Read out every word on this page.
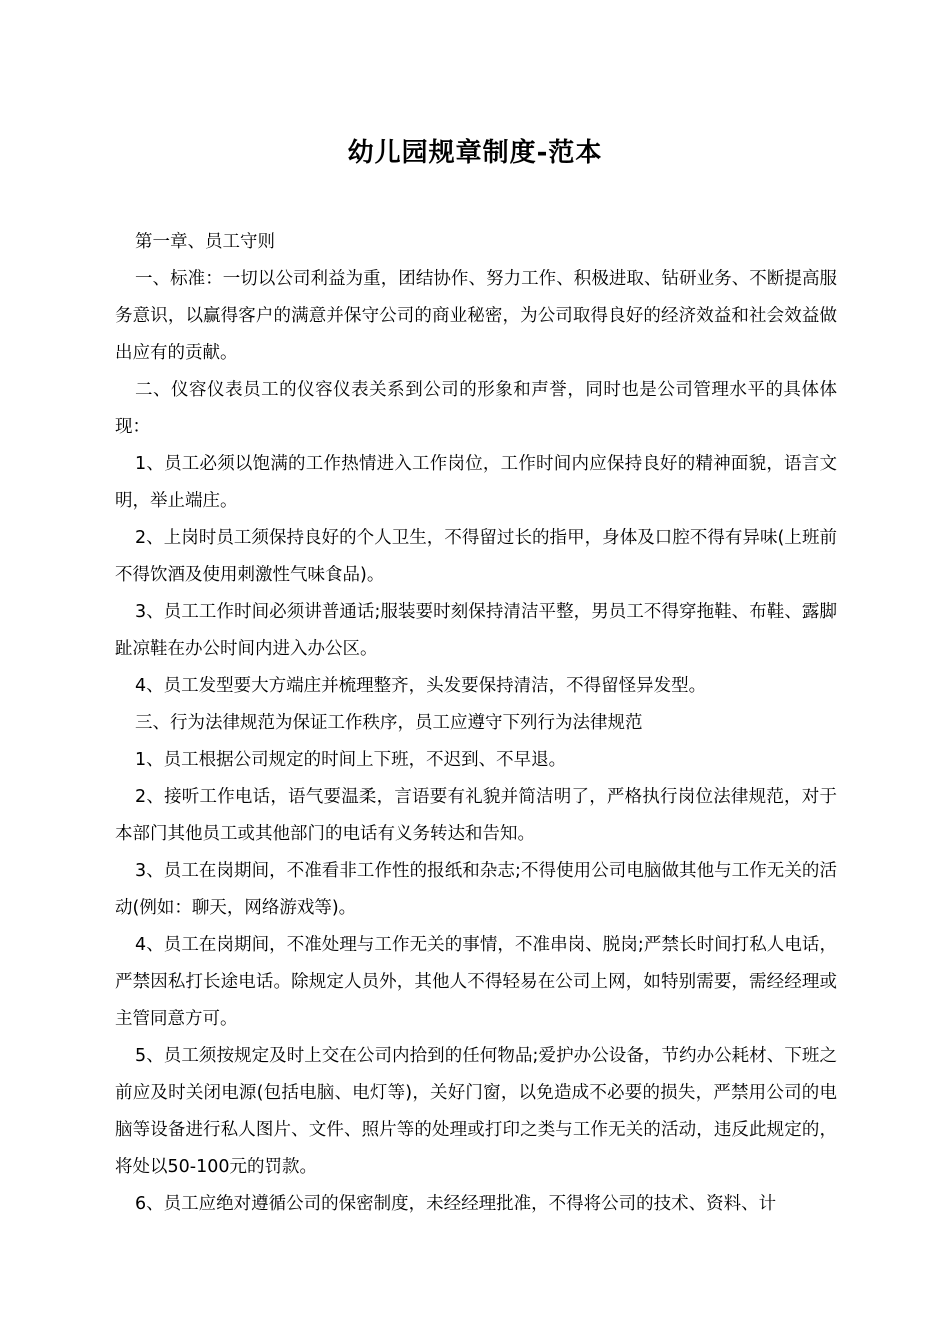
幼儿园规章制度-范本

第一章、员工守则

一、标准：一切以公司利益为重，团结协作、努力工作、积极进取、钻研业务、不断提高服务意识，以赢得客户的满意并保守公司的商业秘密，为公司取得良好的经济效益和社会效益做出应有的贡献。

二、仪容仪表员工的仪容仪表关系到公司的形象和声誉，同时也是公司管理水平的具体体现：

1、员工必须以饱满的工作热情进入工作岗位，工作时间内应保持良好的精神面貌，语言文明，举止端庄。

2、上岗时员工须保持良好的个人卫生，不得留过长的指甲，身体及口腔不得有异味(上班前不得饮酒及使用刺激性气味食品)。

3、员工工作时间必须讲普通话;服装要时刻保持清洁平整，男员工不得穿拖鞋、布鞋、露脚趾凉鞋在办公时间内进入办公区。

4、员工发型要大方端庄并梳理整齐，头发要保持清洁，不得留怪异发型。

三、行为法律规范为保证工作秩序，员工应遵守下列行为法律规范

1、员工根据公司规定的时间上下班，不迟到、不早退。

2、接听工作电话，语气要温柔，言语要有礼貌并简洁明了，严格执行岗位法律规范，对于本部门其他员工或其他部门的电话有义务转达和告知。

3、员工在岗期间，不准看非工作性的报纸和杂志;不得使用公司电脑做其他与工作无关的活动(例如：聊天，网络游戏等)。

4、员工在岗期间，不准处理与工作无关的事情，不准串岗、脱岗;严禁长时间打私人电话，严禁因私打长途电话。除规定人员外，其他人不得轻易在公司上网，如特别需要，需经经理或主管同意方可。

5、员工须按规定及时上交在公司内拾到的任何物品;爱护办公设备，节约办公耗材、下班之前应及时关闭电源(包括电脑、电灯等)，关好门窗，以免造成不必要的损失，严禁用公司的电脑等设备进行私人图片、文件、照片等的处理或打印之类与工作无关的活动，违反此规定的，将处以50-100元的罚款。

6、员工应绝对遵循公司的保密制度，未经经理批准，不得将公司的技术、资料、计
